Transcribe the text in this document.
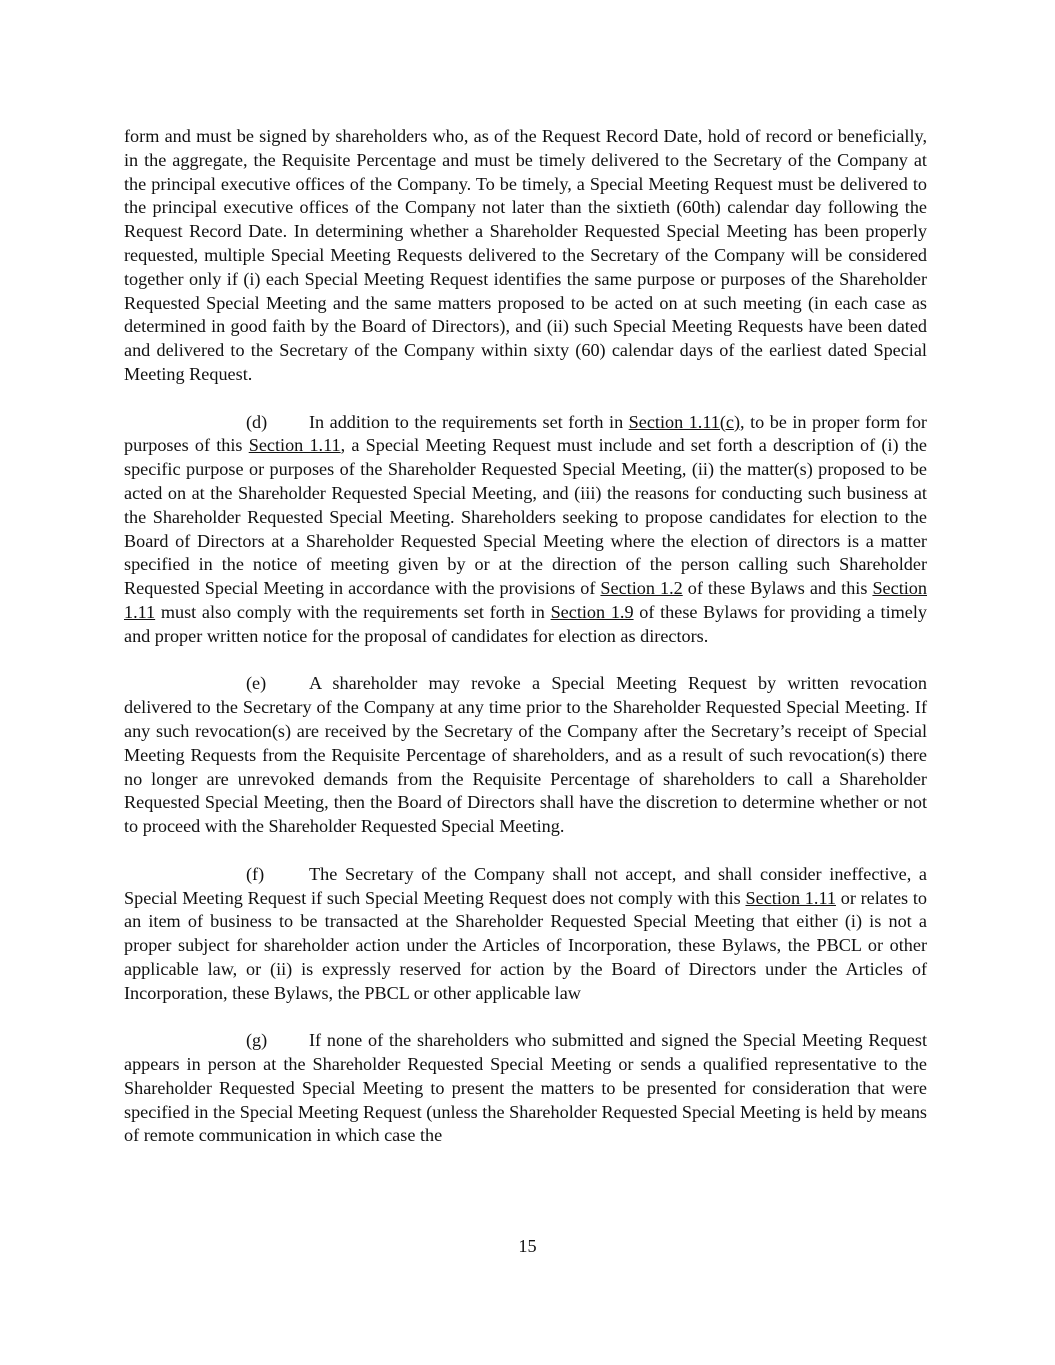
form and must be signed by shareholders who, as of the Request Record Date, hold of record or beneficially, in the aggregate, the Requisite Percentage and must be timely delivered to the Secretary of the Company at the principal executive offices of the Company. To be timely, a Special Meeting Request must be delivered to the principal executive offices of the Company not later than the sixtieth (60th) calendar day following the Request Record Date. In determining whether a Shareholder Requested Special Meeting has been properly requested, multiple Special Meeting Requests delivered to the Secretary of the Company will be considered together only if (i) each Special Meeting Request identifies the same purpose or purposes of the Shareholder Requested Special Meeting and the same matters proposed to be acted on at such meeting (in each case as determined in good faith by the Board of Directors), and (ii) such Special Meeting Requests have been dated and delivered to the Secretary of the Company within sixty (60) calendar days of the earliest dated Special Meeting Request.

(d) In addition to the requirements set forth in Section 1.11(c), to be in proper form for purposes of this Section 1.11, a Special Meeting Request must include and set forth a description of (i) the specific purpose or purposes of the Shareholder Requested Special Meeting, (ii) the matter(s) proposed to be acted on at the Shareholder Requested Special Meeting, and (iii) the reasons for conducting such business at the Shareholder Requested Special Meeting. Shareholders seeking to propose candidates for election to the Board of Directors at a Shareholder Requested Special Meeting where the election of directors is a matter specified in the notice of meeting given by or at the direction of the person calling such Shareholder Requested Special Meeting in accordance with the provisions of Section 1.2 of these Bylaws and this Section 1.11 must also comply with the requirements set forth in Section 1.9 of these Bylaws for providing a timely and proper written notice for the proposal of candidates for election as directors.

(e) A shareholder may revoke a Special Meeting Request by written revocation delivered to the Secretary of the Company at any time prior to the Shareholder Requested Special Meeting. If any such revocation(s) are received by the Secretary of the Company after the Secretary’s receipt of Special Meeting Requests from the Requisite Percentage of shareholders, and as a result of such revocation(s) there no longer are unrevoked demands from the Requisite Percentage of shareholders to call a Shareholder Requested Special Meeting, then the Board of Directors shall have the discretion to determine whether or not to proceed with the Shareholder Requested Special Meeting.

(f) The Secretary of the Company shall not accept, and shall consider ineffective, a Special Meeting Request if such Special Meeting Request does not comply with this Section 1.11 or relates to an item of business to be transacted at the Shareholder Requested Special Meeting that either (i) is not a proper subject for shareholder action under the Articles of Incorporation, these Bylaws, the PBCL or other applicable law, or (ii) is expressly reserved for action by the Board of Directors under the Articles of Incorporation, these Bylaws, the PBCL or other applicable law

(g) If none of the shareholders who submitted and signed the Special Meeting Request appears in person at the Shareholder Requested Special Meeting or sends a qualified representative to the Shareholder Requested Special Meeting to present the matters to be presented for consideration that were specified in the Special Meeting Request (unless the Shareholder Requested Special Meeting is held by means of remote communication in which case the

15
